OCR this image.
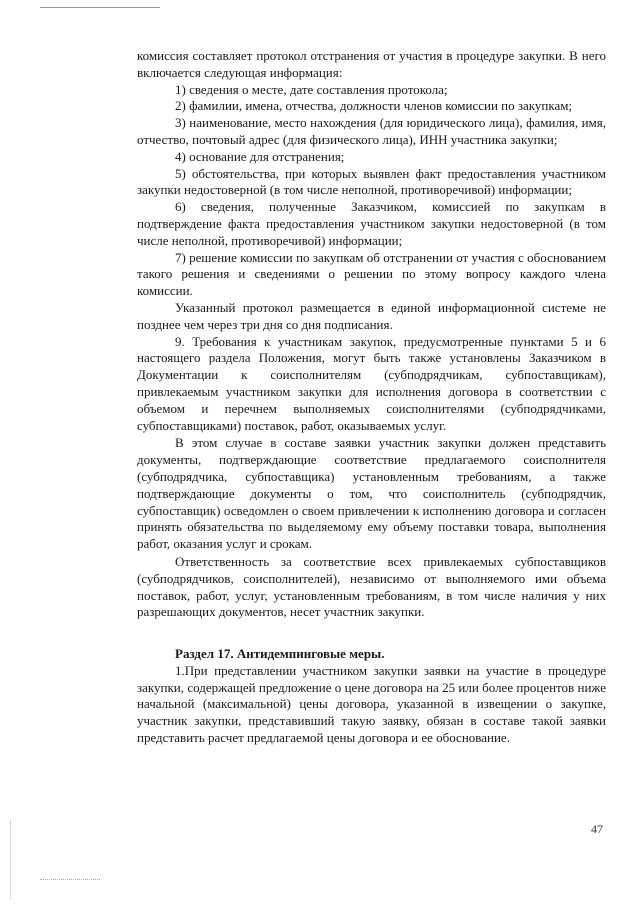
комиссия составляет протокол отстранения от участия в процедуре закупки. В него включается следующая информация:

1) сведения о месте, дате составления протокола;

2) фамилии, имена, отчества, должности членов комиссии по закупкам;

3) наименование, место нахождения (для юридического лица), фамилия, имя, отчество, почтовый адрес (для физического лица), ИНН участника закупки;

4) основание для отстранения;

5) обстоятельства, при которых выявлен факт предоставления участником закупки недостоверной (в том числе неполной, противоречивой) информации;

6) сведения, полученные Заказчиком, комиссией по закупкам в подтверждение факта предоставления участником закупки недостоверной (в том числе неполной, противоречивой) информации;

7) решение комиссии по закупкам об отстранении от участия с обоснованием такого решения и сведениями о решении по этому вопросу каждого члена комиссии.

Указанный протокол размещается в единой информационной системе не позднее чем через три дня со дня подписания.

9. Требования к участникам закупок, предусмотренные пунктами 5 и 6 настоящего раздела Положения, могут быть также установлены Заказчиком в Документации к соисполнителям (субподрядчикам, субпоставщикам), привлекаемым участником закупки для исполнения договора в соответствии с объемом и перечнем выполняемых соисполнителями (субподрядчиками, субпоставщиками) поставок, работ, оказываемых услуг.

В этом случае в составе заявки участник закупки должен представить документы, подтверждающие соответствие предлагаемого соисполнителя (субподрядчика, субпоставщика) установленным требованиям, а также подтверждающие документы о том, что соисполнитель (субподрядчик, субпоставщик) осведомлен о своем привлечении к исполнению договора и согласен принять обязательства по выделяемому ему объему поставки товара, выполнения работ, оказания услуг и срокам.

Ответственность за соответствие всех привлекаемых субпоставщиков (субподрядчиков, соисполнителей), независимо от выполняемого ими объема поставок, работ, услуг, установленным требованиям, в том числе наличия у них разрешающих документов, несет участник закупки.

Раздел 17. Антидемпинговые меры.

1.При представлении участником закупки заявки на участие в процедуре закупки, содержащей предложение о цене договора на 25 или более процентов ниже начальной (максимальной) цены договора, указанной в извещении о закупке, участник закупки, представивший такую заявку, обязан в составе такой заявки представить расчет предлагаемой цены договора и ее обоснование.

47
